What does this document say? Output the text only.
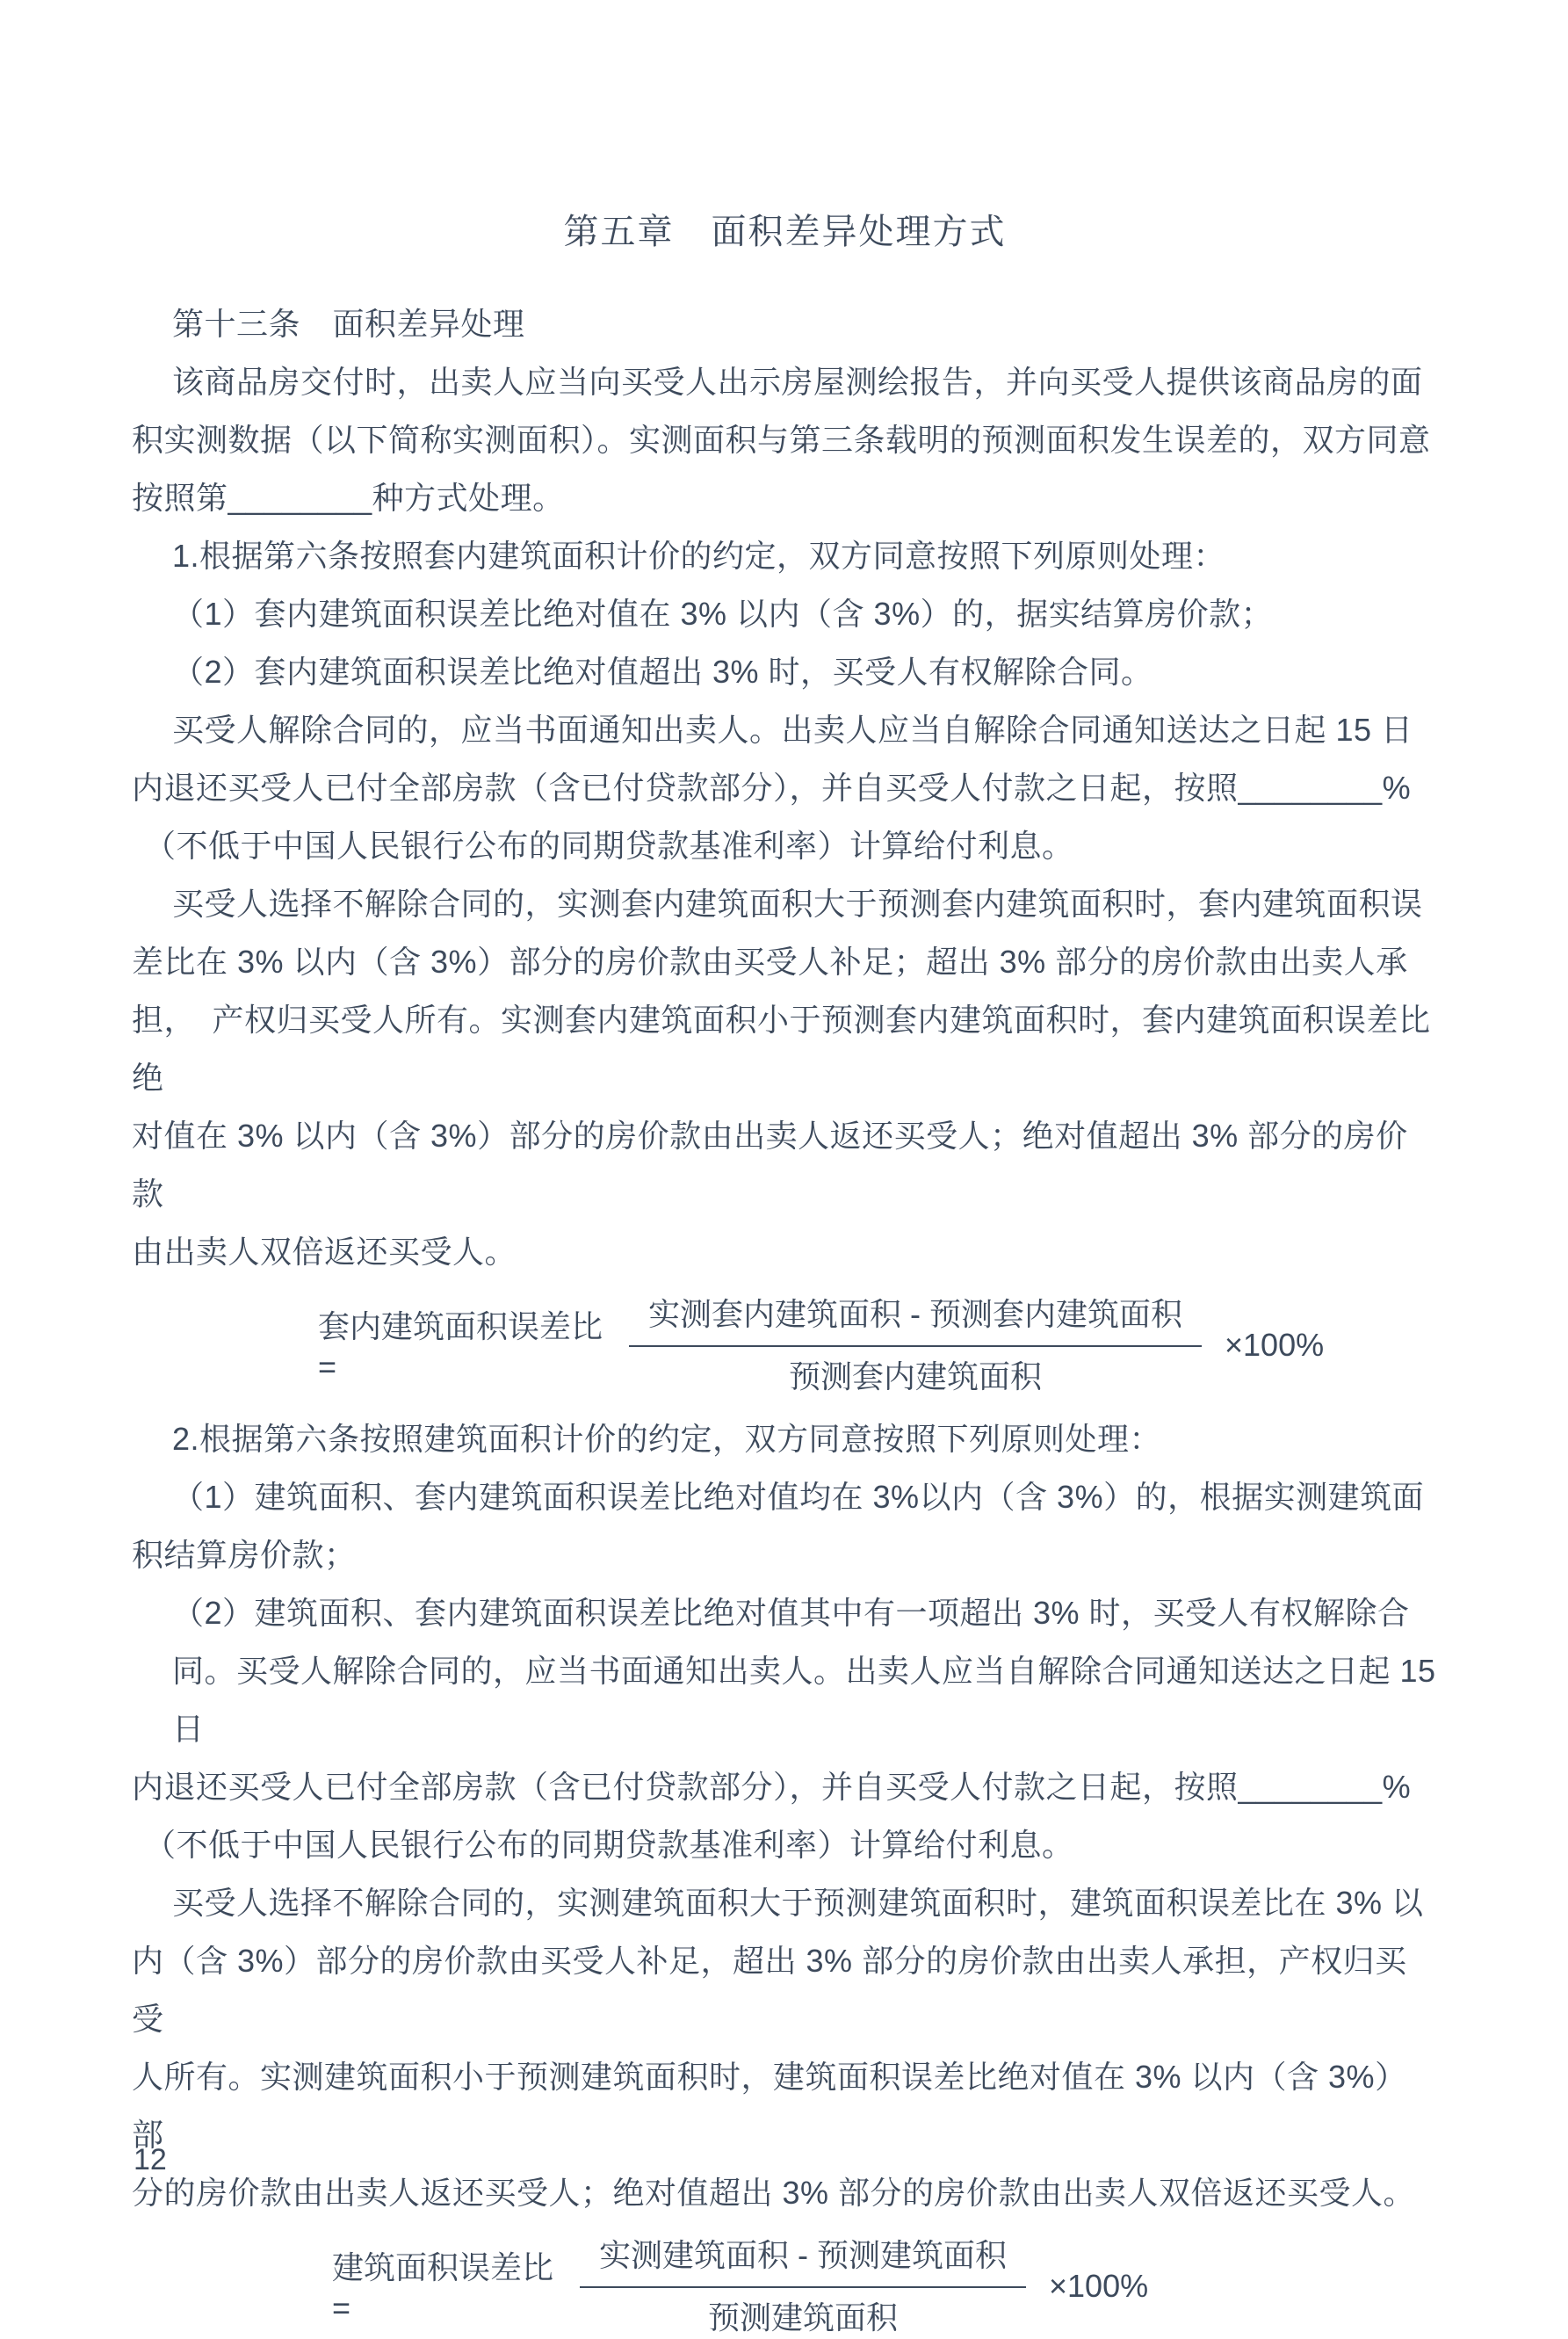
第五章　面积差异处理方式
第十三条　面积差异处理
该商品房交付时，出卖人应当向买受人出示房屋测绘报告，并向买受人提供该商品房的面
积实测数据（以下简称实测面积）。实测面积与第三条载明的预测面积发生误差的，双方同意
按照第________种方式处理。
1.根据第六条按照套内建筑面积计价的约定，双方同意按照下列原则处理：
（1）套内建筑面积误差比绝对值在 3% 以内（含 3%）的，据实结算房价款；
（2）套内建筑面积误差比绝对值超出 3% 时，买受人有权解除合同。
买受人解除合同的，应当书面通知出卖人。出卖人应当自解除合同通知送达之日起 15 日
内退还买受人已付全部房款（含已付贷款部分），并自买受人付款之日起，按照________%
（不低于中国人民银行公布的同期贷款基准利率）计算给付利息。
买受人选择不解除合同的，实测套内建筑面积大于预测套内建筑面积时，套内建筑面积误
差比在 3% 以内（含 3%）部分的房价款由买受人补足；超出 3% 部分的房价款由出卖人承
担，　产权归买受人所有。实测套内建筑面积小于预测套内建筑面积时，套内建筑面积误差比绝
对值在 3% 以内（含 3%）部分的房价款由出卖人返还买受人；绝对值超出 3% 部分的房价款
由出卖人双倍返还买受人。
套内建筑面积误差比
=	$\frac{\text{实测套内建筑面积 - 预测套内建筑面积}}{\text{预测套内建筑面积}} \times 100\%$
2.根据第六条按照建筑面积计价的约定，双方同意按照下列原则处理：
（1）建筑面积、套内建筑面积误差比绝对值均在 3%以内（含 3%）的，根据实测建筑面
积结算房价款；
（2）建筑面积、套内建筑面积误差比绝对值其中有一项超出 3% 时，买受人有权解除合
同。买受人解除合同的，应当书面通知出卖人。出卖人应当自解除合同通知送达之日起 15
日
内退还买受人已付全部房款（含已付贷款部分），并自买受人付款之日起，按照________%
（不低于中国人民银行公布的同期贷款基准利率）计算给付利息。
买受人选择不解除合同的，实测建筑面积大于预测建筑面积时，建筑面积误差比在 3% 以
内（含 3%）部分的房价款由买受人补足，超出 3% 部分的房价款由出卖人承担，产权归买受
人所有。实测建筑面积小于预测建筑面积时，建筑面积误差比绝对值在 3% 以内（含 3%）部
分的房价款由出卖人返还买受人；绝对值超出 3% 部分的房价款由出卖人双倍返还买受人。
建筑面积误差比
=	$\frac{\text{实测建筑面积 - 预测建筑面积}}{\text{预测建筑面积}} \times 100\%$
12
